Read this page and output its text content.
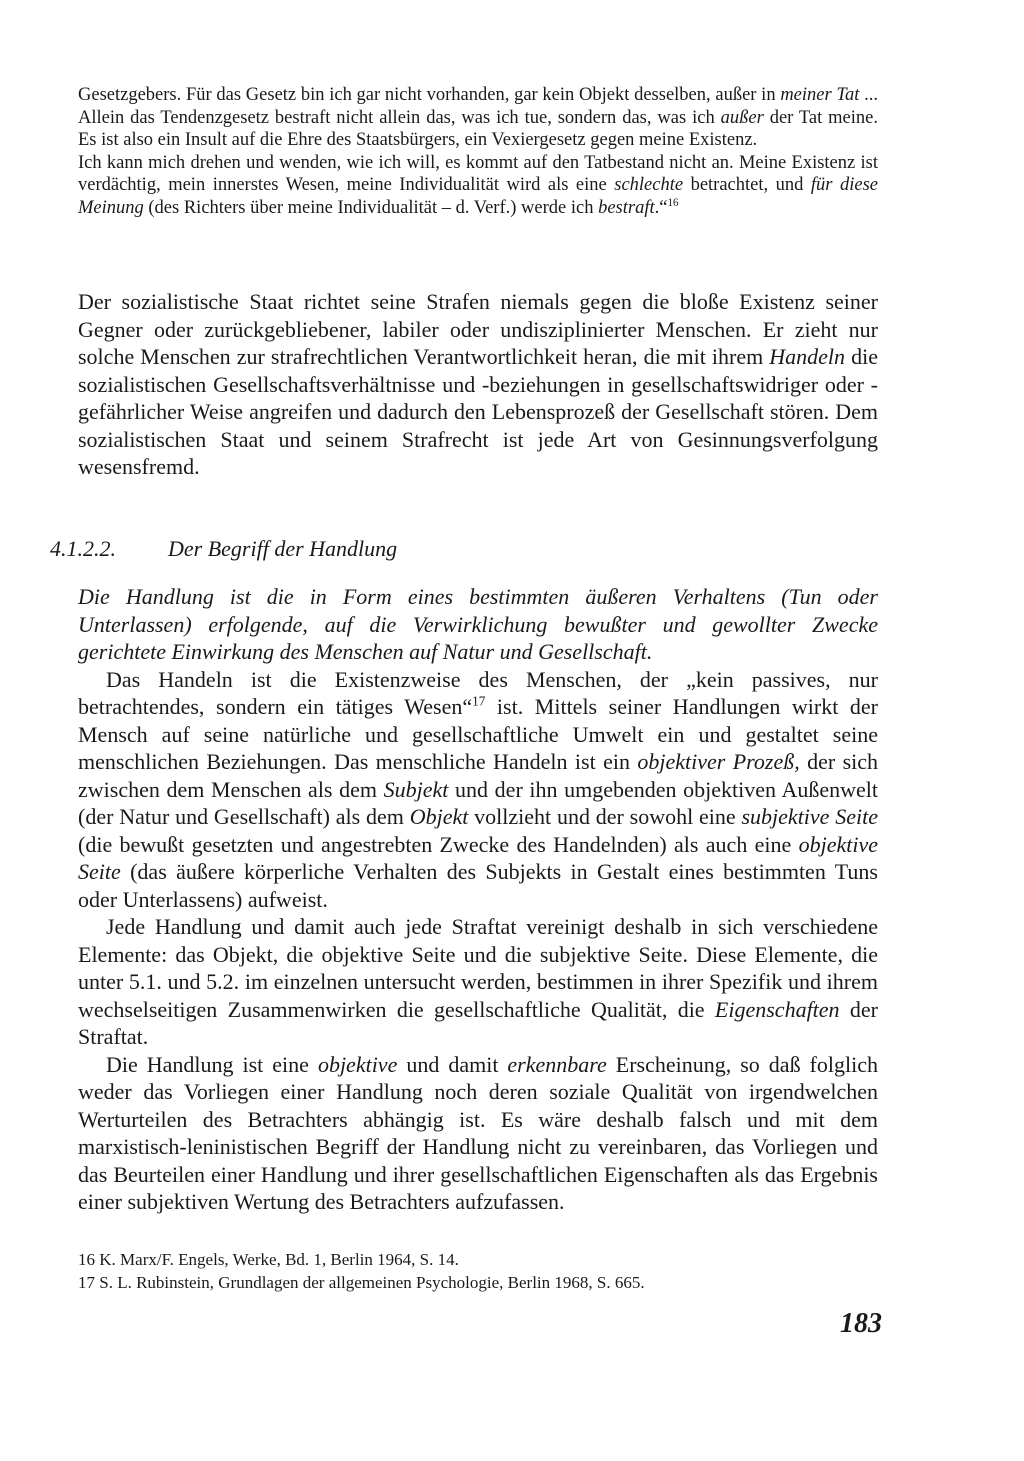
Gesetzgebers. Für das Gesetz bin ich gar nicht vorhanden, gar kein Objekt desselben, außer in meiner Tat ... Allein das Tendenzgesetz bestraft nicht allein das, was ich tue, sondern das, was ich außer der Tat meine. Es ist also ein Insult auf die Ehre des Staatsbürgers, ein Vexiergesetz gegen meine Existenz.

Ich kann mich drehen und wenden, wie ich will, es kommt auf den Tatbestand nicht an. Meine Existenz ist verdächtig, mein innerstes Wesen, meine Individualität wird als eine schlechte betrachtet, und für diese Meinung (des Richters über meine Individualität – d. Verf.) werde ich bestraft.“$^{16}$

Der sozialistische Staat richtet seine Strafen niemals gegen die bloße Existenz seiner Gegner oder zurückgebliebener, labiler oder undisziplinierter Menschen. Er zieht nur solche Menschen zur strafrechtlichen Verantwortlichkeit heran, die mit ihrem Handeln die sozialistischen Gesellschaftsverhältnisse und -beziehungen in gesellschaftswidriger oder -gefährlicher Weise angreifen und dadurch den Lebensprozeß der Gesellschaft stören. Dem sozialistischen Staat und seinem Strafrecht ist jede Art von Gesinnungsverfolgung wesensfremd.

4.1.2.2. Der Begriff der Handlung

Die Handlung ist die in Form eines bestimmten äußeren Verhaltens (Tun oder Unterlassen) erfolgende, auf die Verwirklichung bewußter und gewollter Zwecke gerichtete Einwirkung des Menschen auf Natur und Gesellschaft.

Das Handeln ist die Existenzweise des Menschen, der „kein passives, nur betrachtendes, sondern ein tätiges Wesen“$^{17}$ ist. Mittels seiner Handlungen wirkt der Mensch auf seine natürliche und gesellschaftliche Umwelt ein und gestaltet seine menschlichen Beziehungen. Das menschliche Handeln ist ein objektiver Prozeß, der sich zwischen dem Menschen als dem Subjekt und der ihn umgebenden objektiven Außenwelt (der Natur und Gesellschaft) als dem Objekt vollzieht und der sowohl eine subjektive Seite (die bewußt gesetzten und angestrebten Zwecke des Handelnden) als auch eine objektive Seite (das äußere körperliche Verhalten des Subjekts in Gestalt eines bestimmten Tuns oder Unterlassens) aufweist.

Jede Handlung und damit auch jede Straftat vereinigt deshalb in sich verschiedene Elemente: das Objekt, die objektive Seite und die subjektive Seite. Diese Elemente, die unter 5.1. und 5.2. im einzelnen untersucht werden, bestimmen in ihrer Spezifik und ihrem wechselseitigen Zusammenwirken die gesellschaftliche Qualität, die Eigenschaften der Straftat.

Die Handlung ist eine objektive und damit erkennbare Erscheinung, so daß folglich weder das Vorliegen einer Handlung noch deren soziale Qualität von irgendwelchen Werturteilen des Betrachters abhängig ist. Es wäre deshalb falsch und mit dem marxistisch-leninistischen Begriff der Handlung nicht zu vereinbaren, das Vorliegen und das Beurteilen einer Handlung und ihrer gesellschaftlichen Eigenschaften als das Ergebnis einer subjektiven Wertung des Betrachters aufzufassen.

16 K. Marx/F. Engels, Werke, Bd. 1, Berlin 1964, S. 14.

17 S. L. Rubinstein, Grundlagen der allgemeinen Psychologie, Berlin 1968, S. 665.

183
